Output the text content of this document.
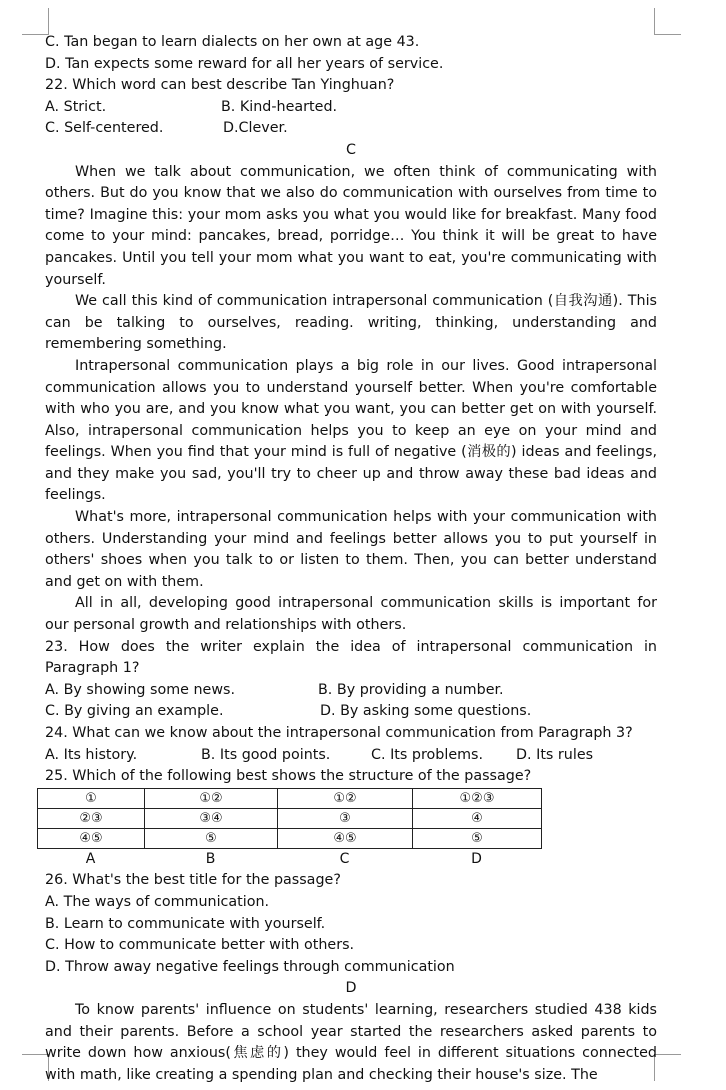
C. Tan began to learn dialects on her own at age 43.
D. Tan expects some reward for all her years of service.
22. Which word can best describe Tan Yinghuan?
A. Strict.	B. Kind-hearted.
C. Self-centered.	D.Clever.
C

When we talk about communication, we often think of communicating with others. But do you know that we also do communication with ourselves from time to time? Imagine this: your mom asks you what you would like for breakfast. Many food come to your mind: pancakes, bread, porridge… You think it will be great to have pancakes. Until you tell your mom what you want to eat, you're communicating with yourself.

We call this kind of communication intrapersonal communication (自我沟通). This can be talking to ourselves, reading. writing, thinking, understanding and remembering something.

Intrapersonal communication plays a big role in our lives. Good intrapersonal communication allows you to understand yourself better. When you're comfortable with who you are, and you know what you want, you can better get on with yourself. Also, intrapersonal communication helps you to keep an eye on your mind and feelings. When you find that your mind is full of negative (消极的) ideas and feelings, and they make you sad, you'll try to cheer up and throw away these bad ideas and feelings.

What's more, intrapersonal communication helps with your communication with others. Understanding your mind and feelings better allows you to put yourself in others' shoes when you talk to or listen to them. Then, you can better understand and get on with them.

All in all, developing good intrapersonal communication skills is important for our personal growth and relationships with others.

23. How does the writer explain the idea of intrapersonal communication in Paragraph 1?

A. By showing some news.	B. By providing a number.
C. By giving an example.	D. By asking some questions.
24. What can we know about the intrapersonal communication from Paragraph 3?
A. Its history.	B. Its good points.	C. Its problems.	D. Its rules
25. Which of the following best shows the structure of the passage?
①	①②	①②	①②③
②③	③④	③	④
④⑤	⑤	④⑤	⑤
A	B	C	D
26. What's the best title for the passage?
A. The ways of communication.
B. Learn to communicate with yourself.
C. How to communicate better with others.
D. Throw away negative feelings through communication
D

To know parents' influence on students' learning, researchers studied 438 kids and their parents. Before a school year started the researchers asked parents to write down how anxious(焦虑的) they would feel in different situations connected with math, like creating a spending plan and checking their house's size. The
